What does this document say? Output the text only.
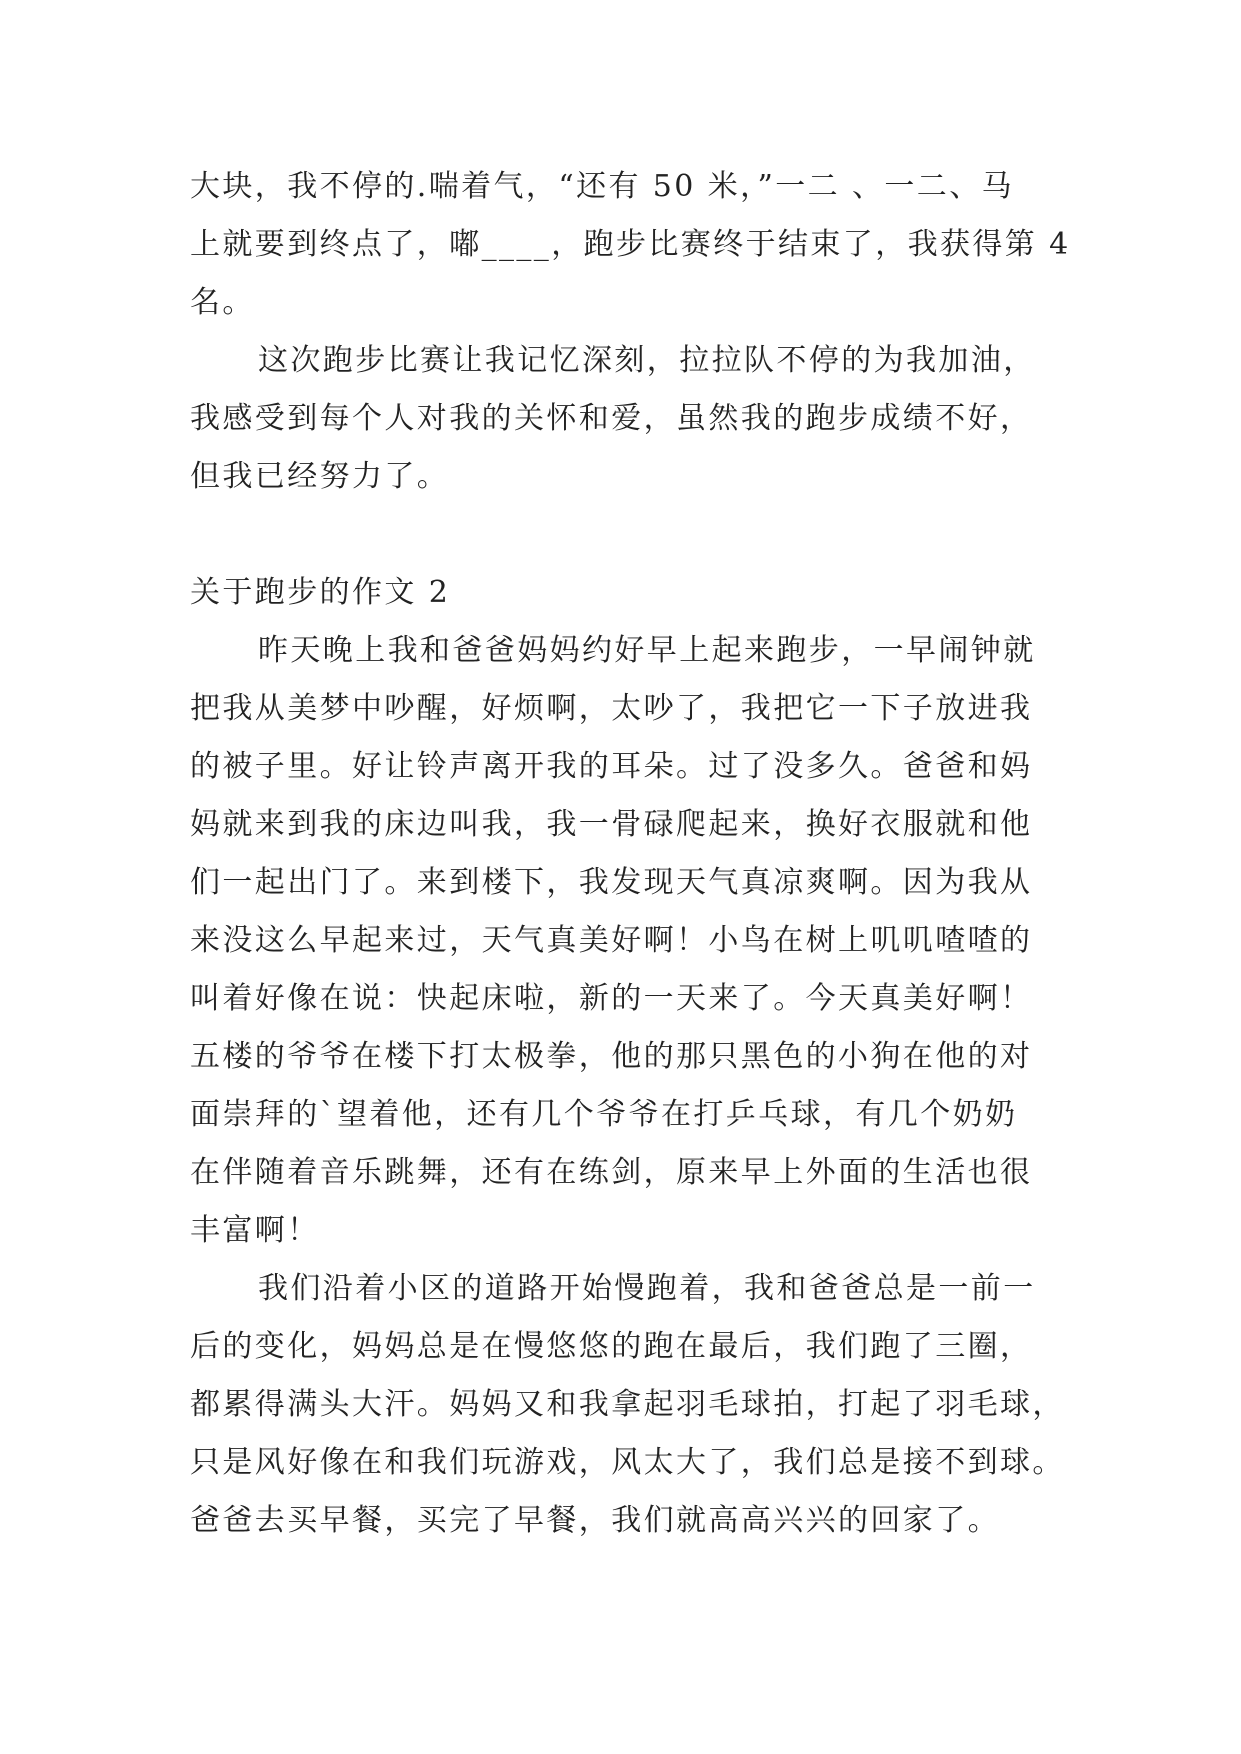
大块，我不停的.喘着气，“还有 50 米，”一二 、一二、马
上就要到终点了，嘟____，跑步比赛终于结束了，我获得第 4
名。
这次跑步比赛让我记忆深刻，拉拉队不停的为我加油，
我感受到每个人对我的关怀和爱，虽然我的跑步成绩不好，
但我已经努力了。
关于跑步的作文 2
昨天晚上我和爸爸妈妈约好早上起来跑步，一早闹钟就
把我从美梦中吵醒，好烦啊，太吵了，我把它一下子放进我
的被子里。好让铃声离开我的耳朵。过了没多久。爸爸和妈
妈就来到我的床边叫我，我一骨碌爬起来，换好衣服就和他
们一起出门了。来到楼下，我发现天气真凉爽啊。因为我从
来没这么早起来过，天气真美好啊！小鸟在树上叽叽喳喳的
叫着好像在说：快起床啦，新的一天来了。今天真美好啊！
五楼的爷爷在楼下打太极拳，他的那只黑色的小狗在他的对
面崇拜的`望着他，还有几个爷爷在打乒乓球，有几个奶奶
在伴随着音乐跳舞，还有在练剑，原来早上外面的生活也很
丰富啊！
我们沿着小区的道路开始慢跑着，我和爸爸总是一前一
后的变化，妈妈总是在慢悠悠的跑在最后，我们跑了三圈，
都累得满头大汗。妈妈又和我拿起羽毛球拍，打起了羽毛球，
只是风好像在和我们玩游戏，风太大了，我们总是接不到球。
爸爸去买早餐，买完了早餐，我们就高高兴兴的回家了。
